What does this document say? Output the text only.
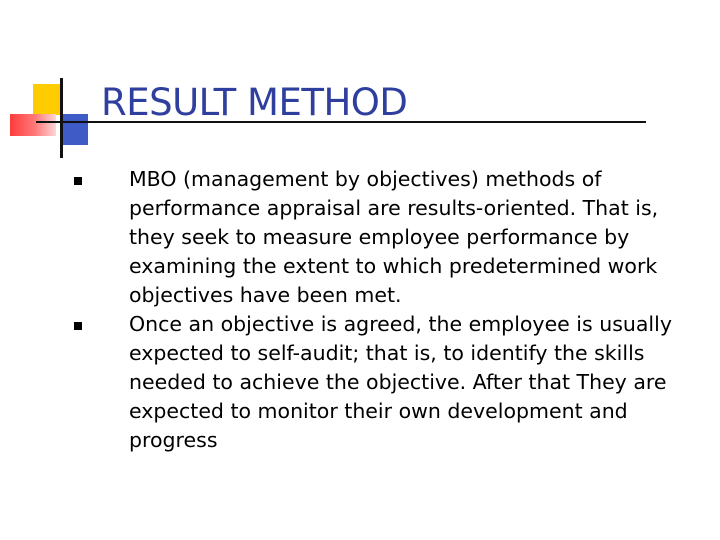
RESULT METHOD
MBO (management by objectives) methods of performance appraisal are results-oriented. That is, they seek to measure employee performance by examining the extent to which predetermined work objectives have been met.
Once an objective is agreed, the employee is usually expected to self-audit; that is, to identify the skills needed to achieve the objective. After that They are expected to monitor their own development and progress
